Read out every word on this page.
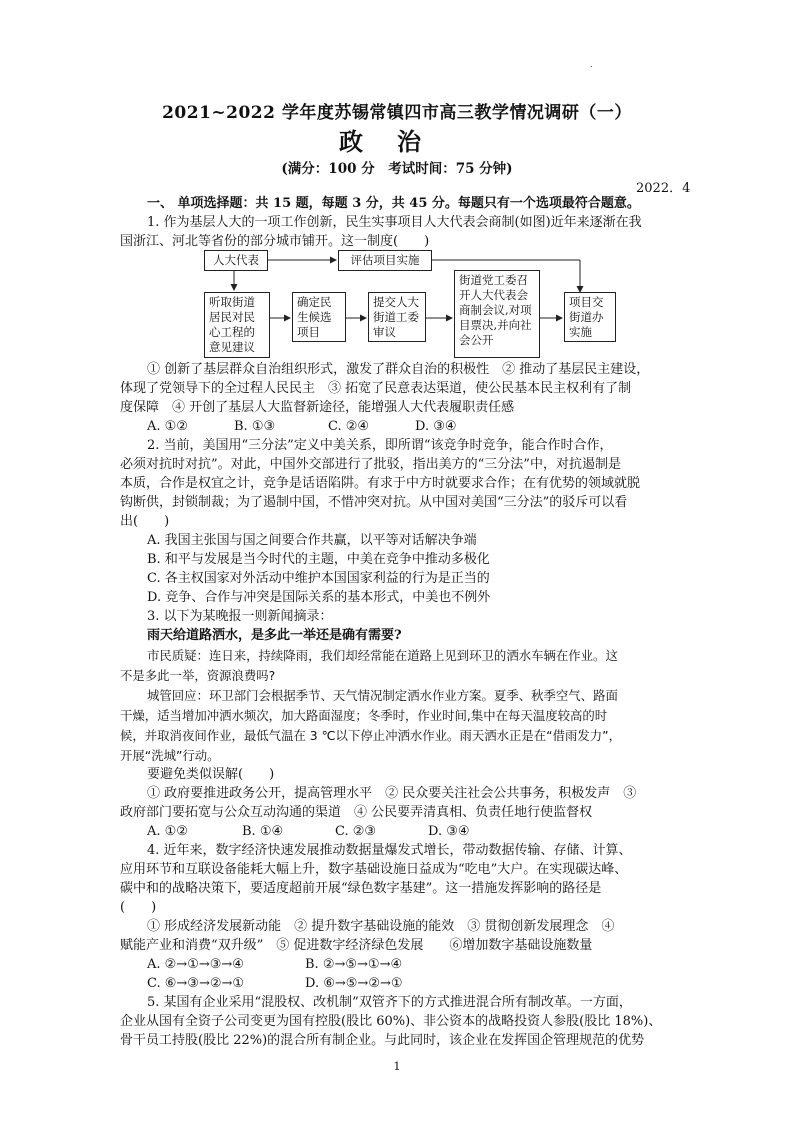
.
2021~2022 学年度苏锡常镇四市高三教学情况调研（一）
政治
(满分：100 分　考试时间：75 分钟)
2022．4
一、 单项选择题：共 15 题，每题 3 分，共 45 分。每题只有一个选项最符合题意。
1. 作为基层人大的一项工作创新，民生实事项目人大代表会商制(如图)近年来逐渐在我
国浙江、河北等省份的部分城市铺开。这一制度(　　)
人大代表	评估项目实施
听取街道居民对民心工程的意见建议
确定民生候选项目
提交人大街道工委审议
街道党工委召开人大代表会商制会议,对项目票决,并向社会公开
项目交街道办实施
① 创新了基层群众自治组织形式，激发了群众自治的积极性　② 推动了基层民主建设，
体现了党领导下的全过程人民民主　③ 拓宽了民意表达渠道，使公民基本民主权利有了制
度保障　④ 开创了基层人大监督新途径，能增强人大代表履职责任感
A. ①②	B. ①③	C. ②④	D. ③④
2. 当前，美国用“三分法”定义中美关系，即所谓“该竞争时竞争，能合作时合作，
必须对抗时对抗”。对此，中国外交部进行了批驳，指出美方的“三分法”中，对抗遏制是
本质，合作是权宜之计，竞争是话语陷阱。有求于中方时就要求合作；在有优势的领域就脱
钩断供，封锁制裁；为了遏制中国，不惜冲突对抗。从中国对美国“三分法”的驳斥可以看
出(　　)
A. 我国主张国与国之间要合作共赢，以平等对话解决争端
B. 和平与发展是当今时代的主题，中美在竞争中推动多极化
C. 各主权国家对外活动中维护本国国家利益的行为是正当的
D. 竞争、合作与冲突是国际关系的基本形式，中美也不例外
3. 以下为某晚报一则新闻摘录：
雨天给道路洒水，是多此一举还是确有需要?
市民质疑：连日来，持续降雨，我们却经常能在道路上见到环卫的洒水车辆在作业。这
不是多此一举，资源浪费吗?
城管回应：环卫部门会根据季节、天气情况制定洒水作业方案。夏季、秋季空气、路面
干燥，适当增加冲洒水频次，加大路面湿度；冬季时，作业时间,集中在每天温度较高的时
候，并取消夜间作业，最低气温在 3 ℃以下停止冲洒水作业。雨天洒水正是在“借雨发力”，
开展“洗城”行动。
要避免类似误解(　　)
① 政府要推进政务公开，提高管理水平　② 民众要关注社会公共事务，积极发声　③
政府部门要拓宽与公众互动沟通的渠道　④ 公民要弄清真相、负责任地行使监督权
A. ①②	B. ①④	C. ②③	D. ③④
4. 近年来，数字经济快速发展推动数据量爆发式增长，带动数据传输、存储、计算、
应用环节和互联设备能耗大幅上升，数字基础设施日益成为“吃电”大户。在实现碳达峰、
碳中和的战略决策下，要适度超前开展“绿色数字基建”。这一措施发挥影响的路径是
(　　)
① 形成经济发展新动能　② 提升数字基础设施的能效　③ 贯彻创新发展理念　④
赋能产业和消费“双升级”　⑤ 促进数字经济绿色发展　　⑥增加数字基础设施数量
A. ②→①→③→④	B. ②→⑤→①→④
C. ⑥→③→②→①	D. ⑥→⑤→②→①
5. 某国有企业采用“混股权、改机制”双管齐下的方式推进混合所有制改革。一方面，
企业从国有全资子公司变更为国有控股(股比 60%)、非公资本的战略投资人参股(股比 18%)、
骨干员工持股(股比 22%)的混合所有制企业。与此同时，该企业在发挥国企管理规范的优势
1
